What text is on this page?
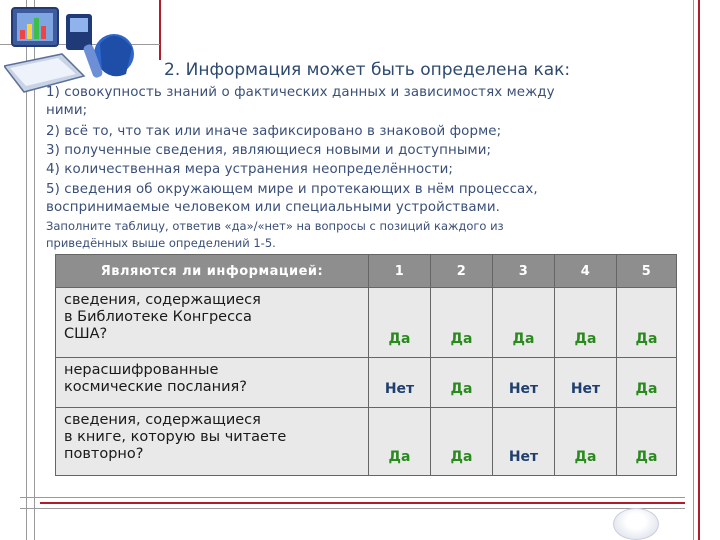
2. Информация может быть определена как:
1) совокупность знаний о фактических данных и зависимостях между
ними;
2) всё то, что так или иначе зафиксировано в знаковой форме;
3) полученные сведения, являющиеся новыми и доступными;
4) количественная мера устранения неопределённости;
5) сведения об окружающем мире и протекающих в нём процессах,
воспринимаемые человеком или специальными устройствами.
Заполните таблицу, ответив «да»/«нет» на вопросы с позиций каждого из
приведённых выше определений 1-5.
Являются ли информацией:	1	2	3	4	5

сведения, содержащиеся
в Библиотеке Конгресса
США?	Да	Да	Да	Да	Да

нерасшифрованные
космические послания?	Нет	Да	Нет	Нет	Да

сведения, содержащиеся
в книге, которую вы читаете
повторно?	Да	Да	Нет	Да	Да
